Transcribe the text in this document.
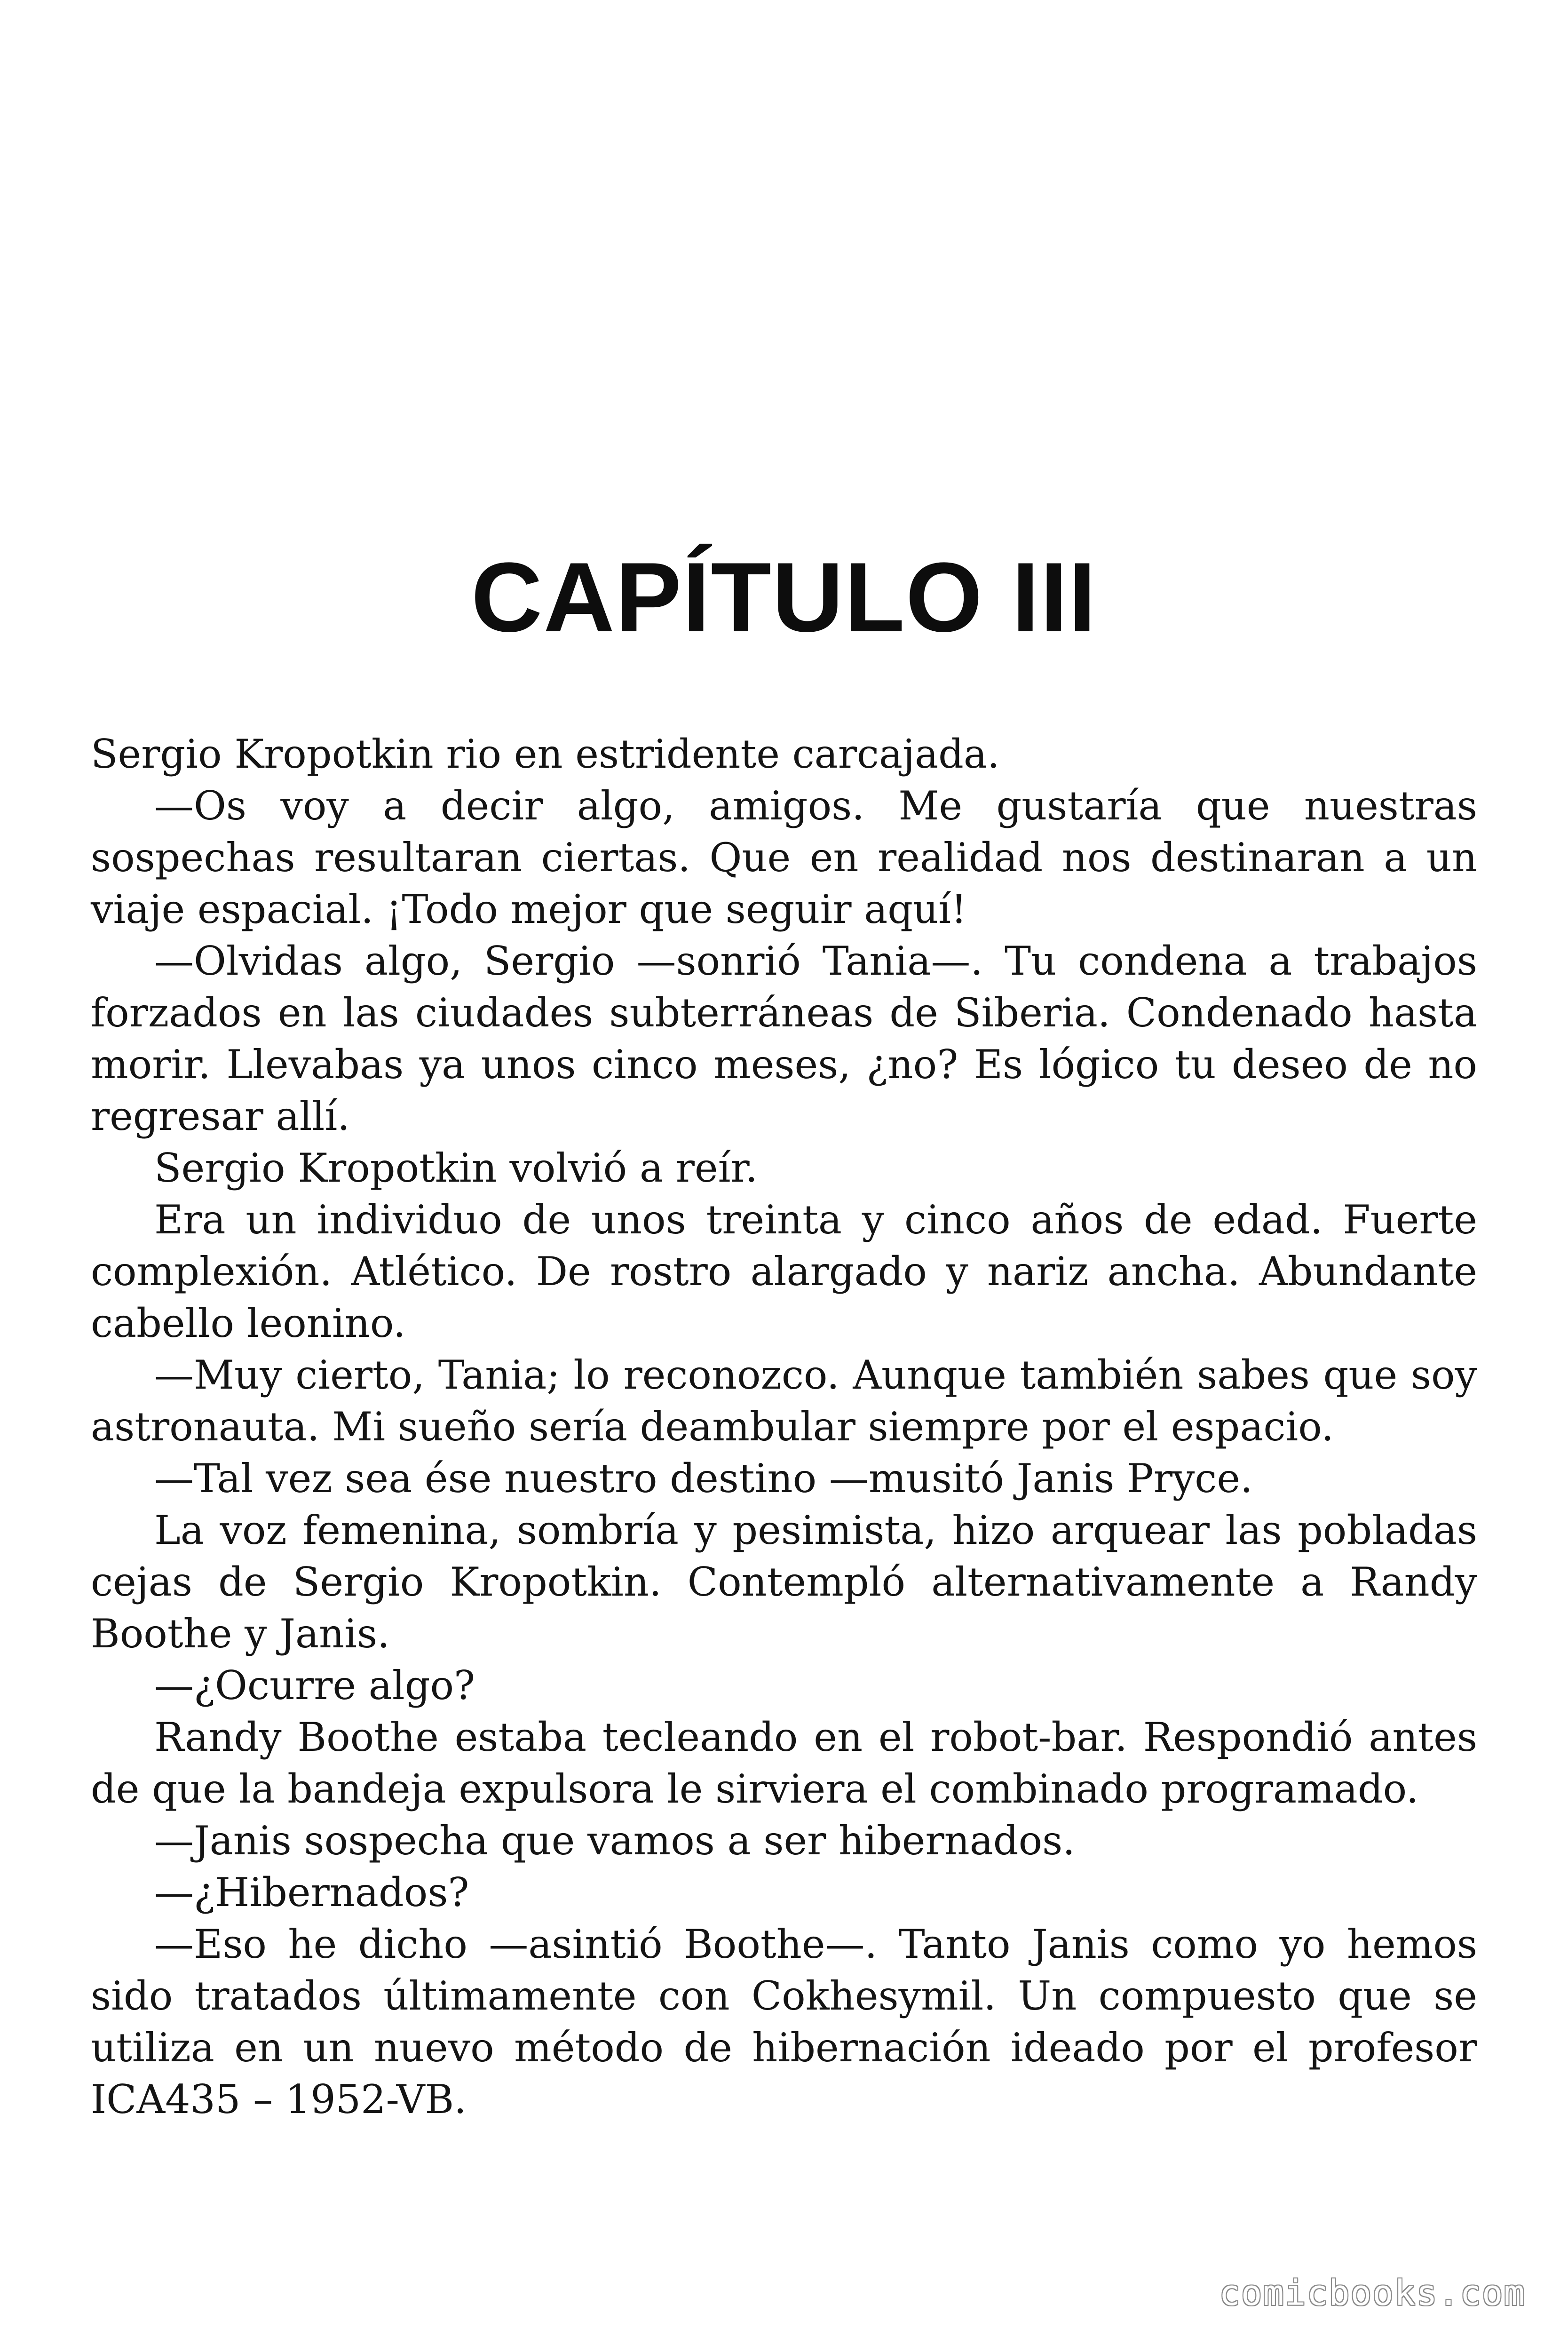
CAPÍTULO III

Sergio Kropotkin rio en estridente carcajada.

—Os voy a decir algo, amigos. Me gustaría que nuestras sospechas resultaran ciertas. Que en realidad nos destinaran a un viaje espacial. ¡Todo mejor que seguir aquí!

—Olvidas algo, Sergio —sonrió Tania—. Tu condena a trabajos forzados en las ciudades subterráneas de Siberia. Condenado hasta morir. Llevabas ya unos cinco meses, ¿no? Es lógico tu deseo de no regresar allí.

Sergio Kropotkin volvió a reír.

Era un individuo de unos treinta y cinco años de edad. Fuerte complexión. Atlético. De rostro alargado y nariz ancha. Abundante cabello leonino.

—Muy cierto, Tania; lo reconozco. Aunque también sabes que soy astronauta. Mi sueño sería deambular siempre por el espacio.

—Tal vez sea ése nuestro destino —musitó Janis Pryce.

La voz femenina, sombría y pesimista, hizo arquear las pobladas cejas de Sergio Kropotkin. Contempló alternativamente a Randy Boothe y Janis.

—¿Ocurre algo?

Randy Boothe estaba tecleando en el robot-bar. Respondió antes de que la bandeja expulsora le sirviera el combinado programado.

—Janis sospecha que vamos a ser hibernados.

—¿Hibernados?

—Eso he dicho —asintió Boothe—. Tanto Janis como yo hemos sido tratados últimamente con Cokhesymil. Un compuesto que se utiliza en un nuevo método de hibernación ideado por el profesor ICA435 – 1952-VB.

comicbooks.com
